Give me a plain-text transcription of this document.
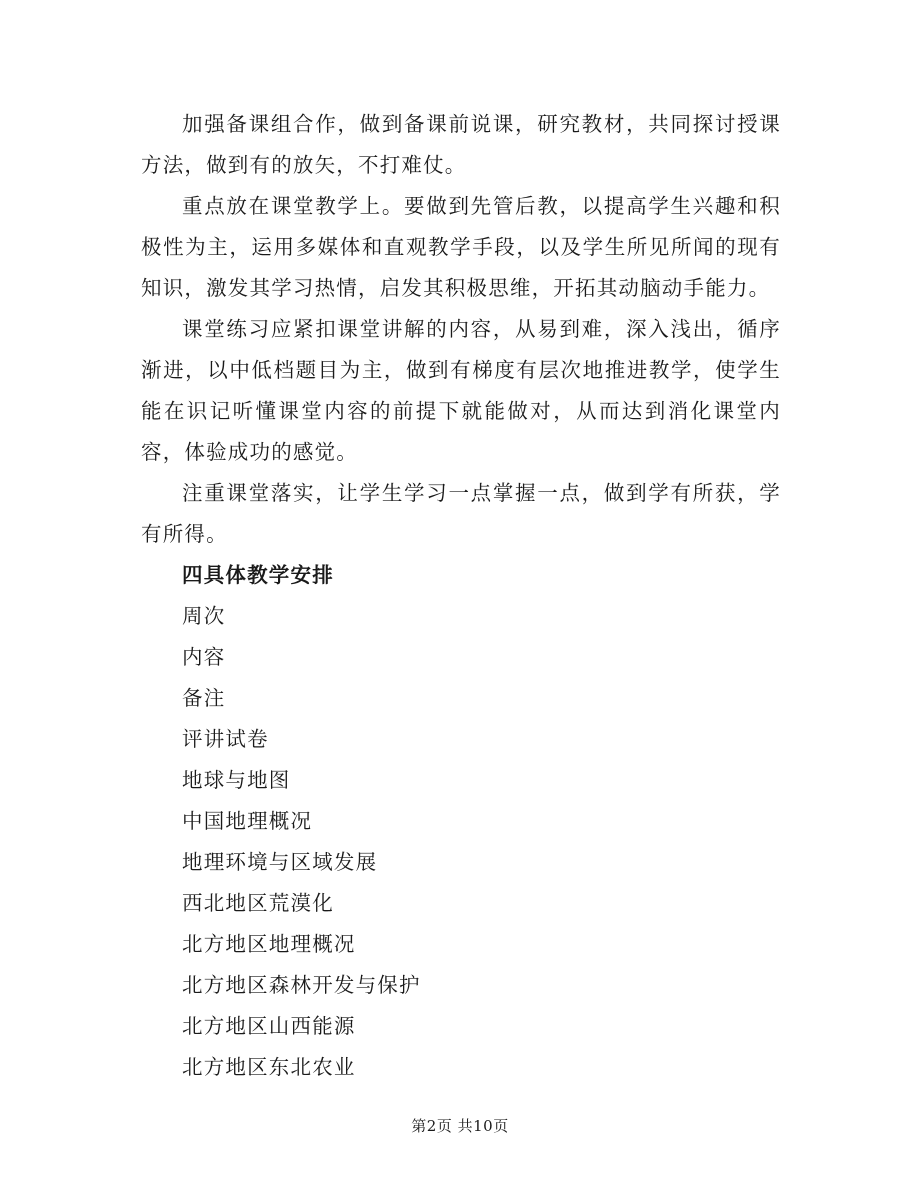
加强备课组合作，做到备课前说课，研究教材，共同探讨授课方法，做到有的放矢，不打难仗。

重点放在课堂教学上。要做到先管后教，以提高学生兴趣和积极性为主，运用多媒体和直观教学手段，以及学生所见所闻的现有知识，激发其学习热情，启发其积极思维，开拓其动脑动手能力。

课堂练习应紧扣课堂讲解的内容，从易到难，深入浅出，循序渐进，以中低档题目为主，做到有梯度有层次地推进教学，使学生能在识记听懂课堂内容的前提下就能做对，从而达到消化课堂内容，体验成功的感觉。

注重课堂落实，让学生学习一点掌握一点，做到学有所获，学有所得。

四具体教学安排

周次

内容

备注

评讲试卷

地球与地图

中国地理概况

地理环境与区域发展

西北地区荒漠化

北方地区地理概况

北方地区森林开发与保护

北方地区山西能源

北方地区东北农业

第2页 共10页
